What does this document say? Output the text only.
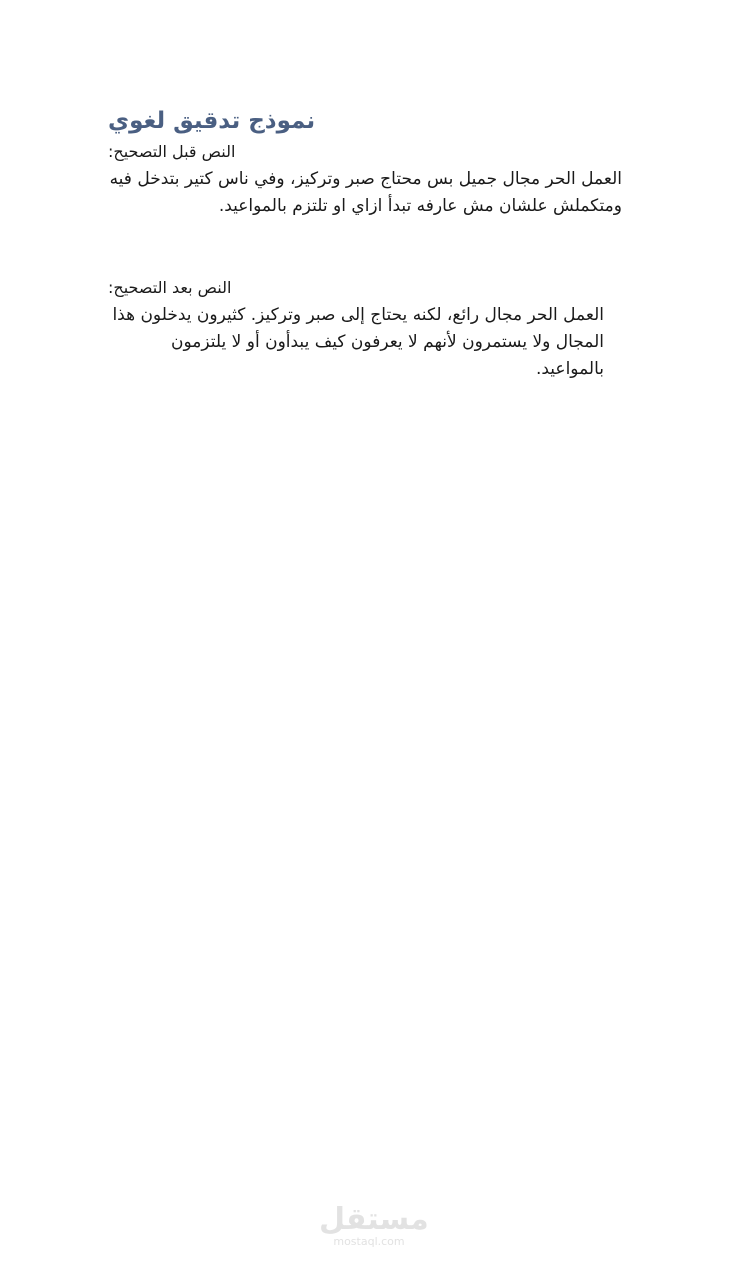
نموذج تدقيق لغوي
:النص قبل التصحيح

العمل الحر مجال جميل بس محتاج صبر وتركيز، وفي ناس كتير بتدخل فيه ومتكملش علشان مش عارفه تبدأ ازاي او تلتزم بالمواعيد.

:النص بعد التصحيح

العمل الحر مجال رائع، لكنه يحتاج إلى صبر وتركيز. كثيرون يدخلون هذا المجال ولا يستمرون لأنهم لا يعرفون كيف يبدأون أو لا يلتزمون بالمواعيد.

مستقل
mostaql.com
